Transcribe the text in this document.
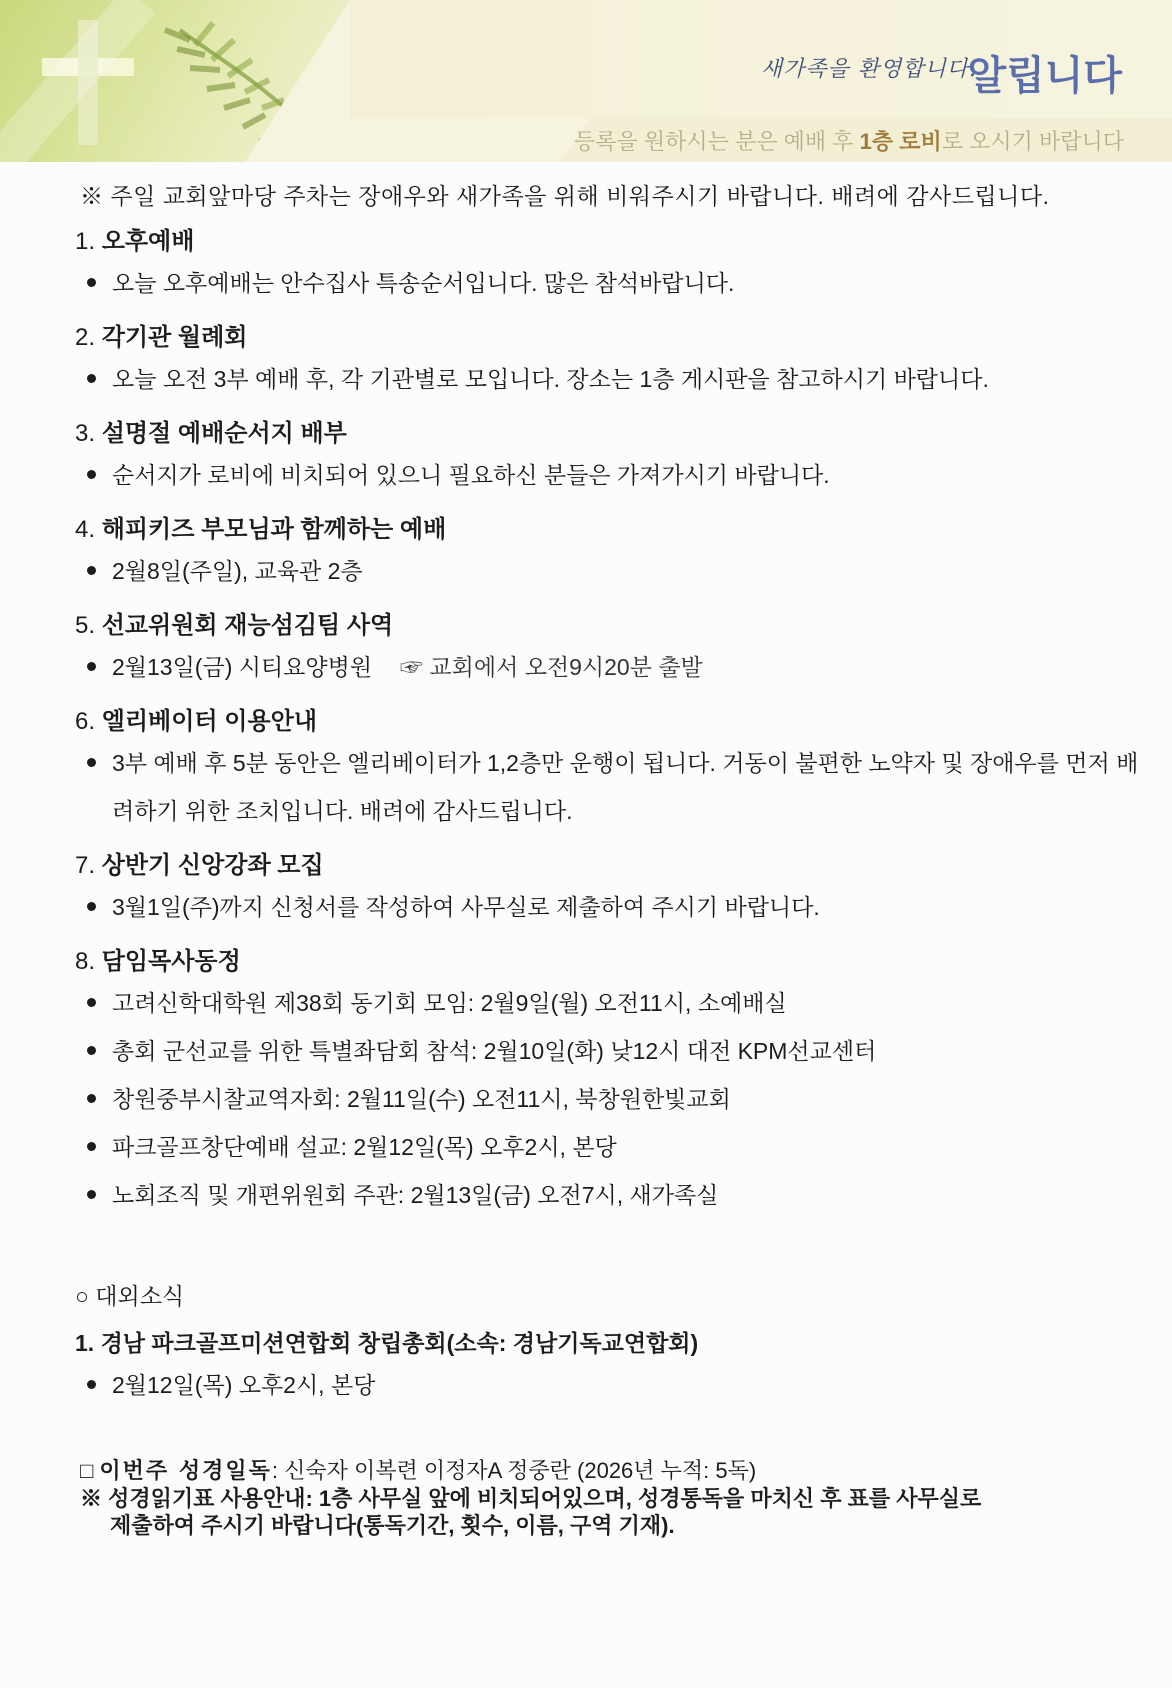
새가족을 환영합니다.
알립니다
등록을 원하시는 분은 예배 후 1층 로비로 오시기 바랍니다
※ 주일 교회앞마당 주차는 장애우와 새가족을 위해 비워주시기 바랍니다. 배려에 감사드립니다.
1. 오후예배
오늘 오후예배는 안수집사 특송순서입니다. 많은 참석바랍니다.
2. 각기관 월례회
오늘 오전 3부 예배 후, 각 기관별로 모입니다. 장소는 1층 게시판을 참고하시기 바랍니다.
3. 설명절 예배순서지 배부
순서지가 로비에 비치되어 있으니 필요하신 분들은 가져가시기 바랍니다.
4. 해피키즈 부모님과 함께하는 예배
2월8일(주일), 교육관 2층
5. 선교위원회 재능섬김팀 사역
2월13일(금) 시티요양병원 ☞ 교회에서 오전9시20분 출발
6. 엘리베이터 이용안내
3부 예배 후 5분 동안은 엘리베이터가 1,2층만 운행이 됩니다. 거동이 불편한 노약자 및 장애우를 먼저 배려하기 위한 조치입니다. 배려에 감사드립니다.
7. 상반기 신앙강좌 모집
3월1일(주)까지 신청서를 작성하여 사무실로 제출하여 주시기 바랍니다.
8. 담임목사동정
고려신학대학원 제38회 동기회 모임: 2월9일(월) 오전11시, 소예배실
총회 군선교를 위한 특별좌담회 참석: 2월10일(화) 낮12시 대전 KPM선교센터
창원중부시찰교역자회: 2월11일(수) 오전11시, 북창원한빛교회
파크골프창단예배 설교: 2월12일(목) 오후2시, 본당
노회조직 및 개편위원회 주관: 2월13일(금) 오전7시, 새가족실
○ 대외소식
1. 경남 파크골프미션연합회 창립총회(소속: 경남기독교연합회)
2월12일(목) 오후2시, 본당
□ 이번주 성경일독: 신숙자 이복련 이정자A 정중란 (2026년 누적: 5독)
※ 성경읽기표 사용안내: 1층 사무실 앞에 비치되어있으며, 성경통독을 마치신 후 표를 사무실로
제출하여 주시기 바랍니다(통독기간, 횟수, 이름, 구역 기재).
